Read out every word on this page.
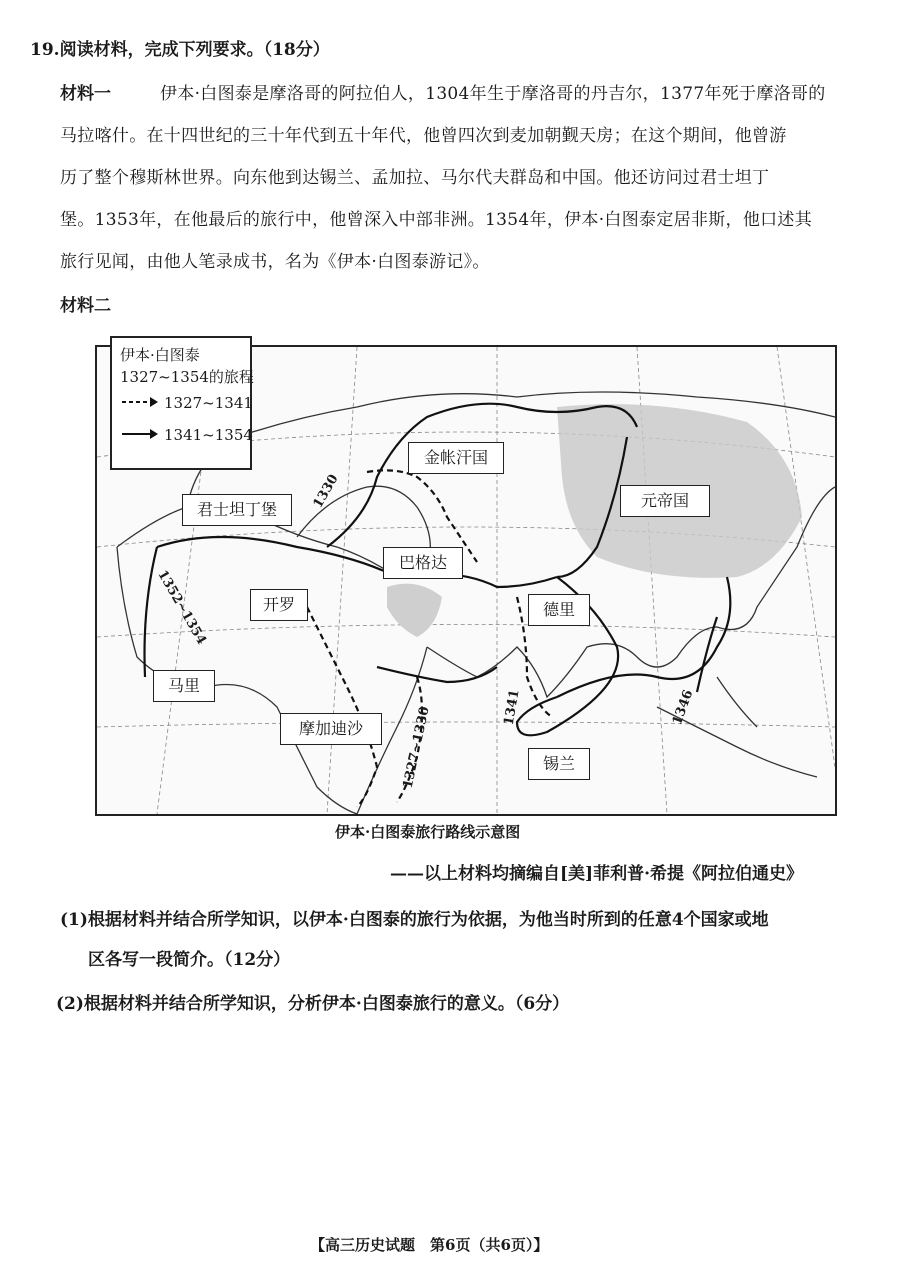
19.阅读材料，完成下列要求。（18分）
材料一	伊本·白图泰是摩洛哥的阿拉伯人，1304年生于摩洛哥的丹吉尔，1377年死于摩洛哥的
马拉喀什。在十四世纪的三十年代到五十年代，他曾四次到麦加朝觐天房；在这个期间，他曾游
历了整个穆斯林世界。向东他到达锡兰、孟加拉、马尔代夫群岛和中国。他还访问过君士坦丁
堡。1353年，在他最后的旅行中，他曾深入中部非洲。1354年，伊本·白图泰定居非斯，他口述其
旅行见闻，由他人笔录成书，名为《伊本·白图泰游记》。
材料二
伊本·白图泰
1327~1354的旅程
1327~1341
1341~1354
金帐汗国
元帝国
君士坦丁堡
巴格达
开罗	德里
马里
摩加迪沙
锡兰
1330
1352~1354
1327~1330	1341	1346
伊本·白图泰旅行路线示意图
——以上材料均摘编自[美]菲利普·希提《阿拉伯通史》
(1)根据材料并结合所学知识，以伊本·白图泰的旅行为依据，为他当时所到的任意4个国家或地
区各写一段简介。（12分）
(2)根据材料并结合所学知识，分析伊本·白图泰旅行的意义。（6分）
【高三历史试题　第6页（共6页）】
